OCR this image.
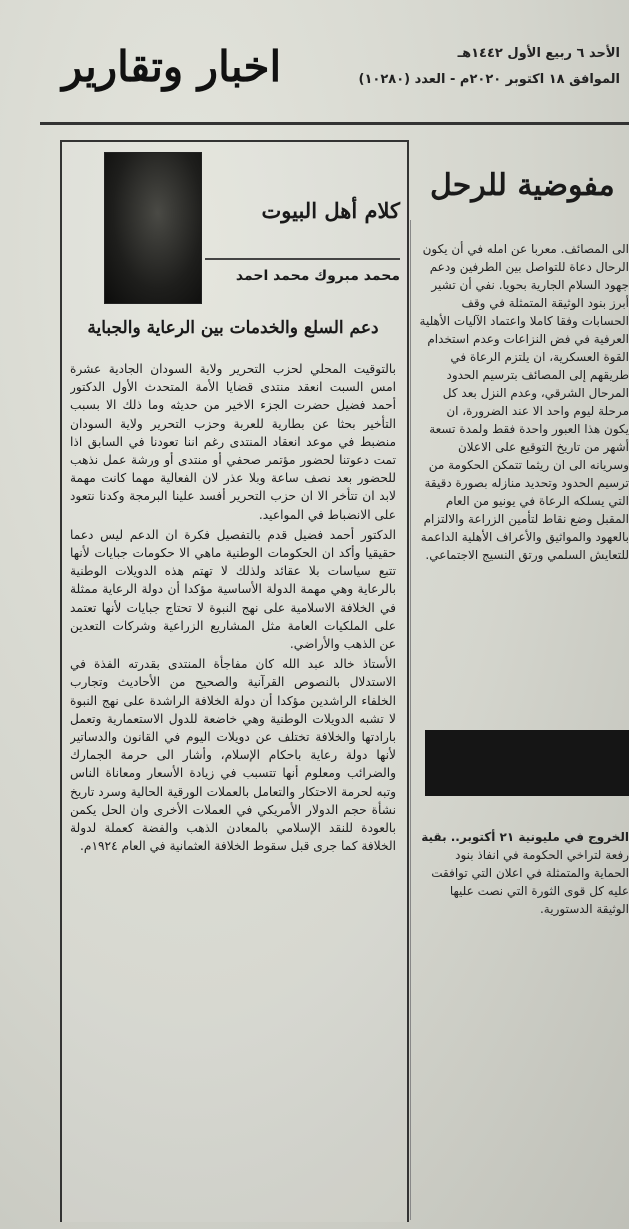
اخبار وتقارير	الأحد ٦ ربيع الأول ١٤٤٢هـ
الموافق ١٨ اكتوبر ٢٠٢٠م - العدد (١٠٢٨٠)
مفوضية للرحل

الى المصائف. معربا عن امله في أن يكون الرحال دعاة للتواصل بين الطرفين ودعم جهود السلام الجارية بحويا. نفي أن تشير أبرز بنود الوثيقة المتمثلة في وقف الحسابات وفقا كاملا واعتماد الآليات الأهلية العرفية في فض النزاعات وعدم استخدام القوة العسكرية، ان يلتزم الرعاة في طريقهم إلى المصائف بترسيم الحدود المرحال الشرقي، وعدم النزل بعد كل مرحلة ليوم واحد الا عند الضرورة، ان يكون هذا العبور واحدة فقط ولمدة تسعة أشهر من تاريخ التوقيع على الاعلان وسريانه الى ان ريثما تتمكن الحكومة من ترسيم الحدود وتحديد منازله بصورة دقيقة التي يسلكه الرعاة في يونيو من العام المقبل وضع نقاط لتأمين الزراعة والالتزام بالعهود والمواثيق والأعراف الأهلية الداعمة للتعايش السلمي ورتق النسيج الاجتماعي.

الخروج في مليونية ٢١ أكتوبر.. بقية
رفعة لتراخي الحكومة في انفاذ بنود الحماية والمتمثلة في اعلان التي توافقت عليه كل قوى الثورة التي نصت عليها الوثيقة الدستورية.
كلام أهل البيوت
محمد مبروك محمد احمد
دعم السلع والخدمات بين الرعاية والجباية

بالتوقيت المحلي لحزب التحرير ولاية السودان الجادية عشرة امس السبت انعقد منتدى قضايا الأمة المتحدث الأول الدكتور أحمد فضيل حضرت الجزء الاخير من حديثه وما ذلك الا بسبب التأخير بحثا عن بطارية للعربة وحزب التحرير ولاية السودان منضبط في موعد انعقاد المنتدى رغم اننا تعودنا في السابق اذا تمت دعوتنا لحضور مؤتمر صحفي أو منتدى أو ورشة عمل نذهب للحضور بعد نصف ساعة وبلا عذر لان الفعالية مهما كانت مهمة لابد ان تتأخر الا ان حزب التحرير أفسد علينا البرمجة وكدنا نتعود على الانضباط في المواعيد.

الدكتور أحمد فضيل قدم بالتفصيل فكرة ان الدعم ليس دعما حقيقيا وأكد ان الحكومات الوطنية ماهي الا حكومات جبايات لأنها تتبع سياسات بلا عقائد ولذلك لا تهتم هذه الدويلات الوطنية بالرعاية وهي مهمة الدولة الأساسية مؤكدا أن دولة الرعاية ممثلة في الخلافة الاسلامية على نهج النبوة لا تحتاج جبايات لأنها تعتمد على الملكيات العامة مثل المشاريع الزراعية وشركات التعدين عن الذهب والأراضي.

الأستاذ خالد عبد الله كان مفاجأة المنتدى بقدرته الفذة في الاستدلال بالنصوص القرآنية والصحيح من الأحاديث وتجارب الخلفاء الراشدين مؤكدا أن دولة الخلافة الراشدة على نهج النبوة لا تشبه الدويلات الوطنية وهي خاضعة للدول الاستعمارية وتعمل بارادتها والخلافة تختلف عن دويلات اليوم في القانون والدساتير لأنها دولة رعاية باحكام الإسلام، وأشار الى حرمة الجمارك والضرائب ومعلوم أنها تتسبب في زيادة الأسعار ومعاناة الناس وتبه لحرمة الاحتكار والتعامل بالعملات الورقية الحالية وسرد تاريخ نشأة حجم الدولار الأمريكي في العملات الأخرى وان الحل يكمن بالعودة للنقد الإسلامي بالمعادن الذهب والفضة كعملة لدولة الخلافة كما جرى قبل سقوط الخلافة العثمانية في العام ١٩٢٤م.
